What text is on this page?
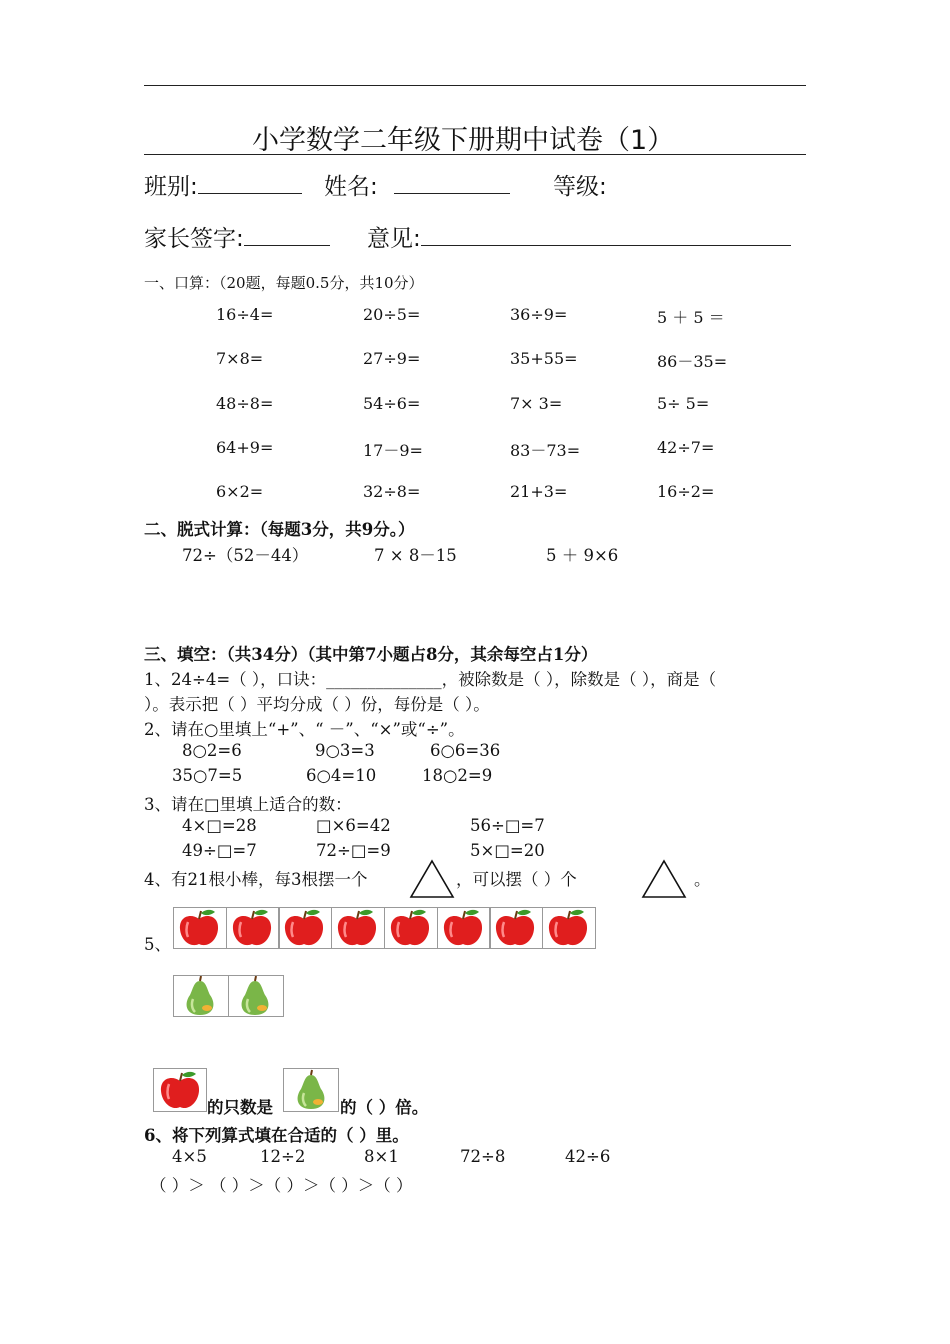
小学数学二年级下册期中试卷（1）
班别:	姓名:	等级:
家长签字:	意见:
一、口算：（20题，每题0.5分，共10分）
16÷4=	20÷5=	36÷9=	5 ＋ 5 ＝
7×8=	27÷9=	35+55=	86－35=
48÷8=	54÷6=	7× 3=	5÷ 5=
64+9=	17－9=	83－73=	42÷7=
6×2=	32÷8=	21+3=	16÷2=
二、脱式计算：（每题3分，共9分。）
72÷（52－44）	7 × 8－15	5 ＋ 9×6
三、填空：（共34分）（其中第7小题占8分，其余每空占1分）
1、24÷4=（ ），口诀：______________，被除数是（ ），除数是（ ），商是（
）。表示把（ ）平均分成（ ）份，每份是（ ）。
2、请在○里填上“+”、“ －”、“×”或“÷”。
8○2=6	9○3=3	6○6=36
35○7=5	6○4=10	18○2=9
3、请在□里填上适合的数：
4×□=28	□×6=42	56÷□=7
49÷□=7	72÷□=9	5×□=20
4、有21根小棒，每3根摆一个	，可以摆（ ）个	。
5、
的只数是	的（ ）倍。
6、将下列算式填在合适的（ ）里。
4×5	12÷2	8×1	72÷8	42÷6
（ ）＞ （ ）＞（ ）＞（ ）＞（ ）
